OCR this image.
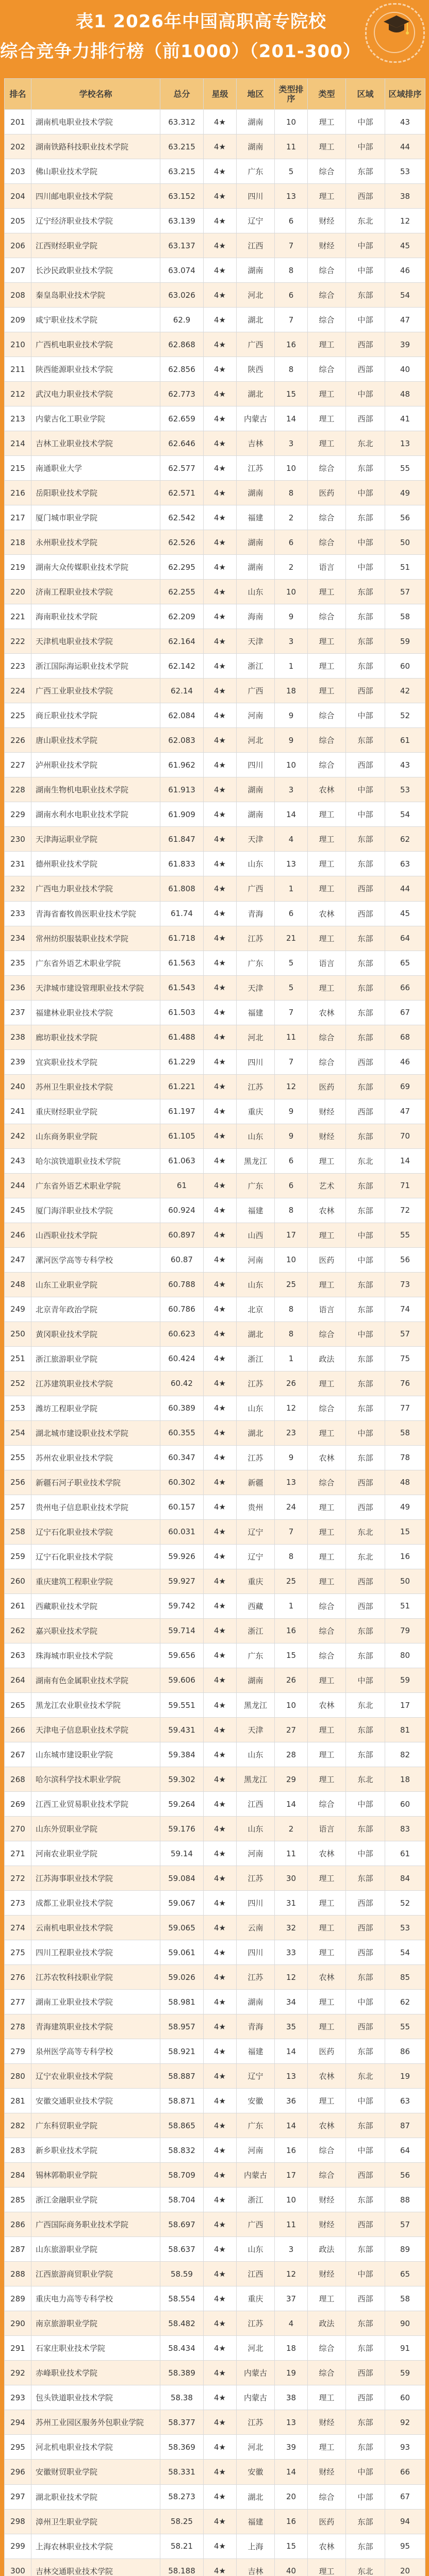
表1 2026年中国高职高专院校
综合竞争力排行榜（前1000）（201-300）
排名	学校名称	总分	星级	地区	类型排序	类型	区域	区域排序
201	湖南机电职业技术学院	63.312	4★	湖南	10	理工	中部	43
202	湖南铁路科技职业技术学院	63.215	4★	湖南	11	理工	中部	44
203	佛山职业技术学院	63.215	4★	广东	5	综合	东部	53
204	四川邮电职业技术学院	63.152	4★	四川	13	理工	西部	38
205	辽宁经济职业技术学院	63.139	4★	辽宁	6	财经	东北	12
206	江西财经职业学院	63.137	4★	江西	7	财经	中部	45
207	长沙民政职业技术学院	63.074	4★	湖南	8	综合	中部	46
208	秦皇岛职业技术学院	63.026	4★	河北	6	综合	东部	54
209	咸宁职业技术学院	62.9	4★	湖北	7	综合	中部	47
210	广西机电职业技术学院	62.868	4★	广西	16	理工	西部	39
211	陕西能源职业技术学院	62.856	4★	陕西	8	综合	西部	40
212	武汉电力职业技术学院	62.773	4★	湖北	15	理工	中部	48
213	内蒙古化工职业学院	62.659	4★	内蒙古	14	理工	西部	41
214	吉林工业职业技术学院	62.646	4★	吉林	3	理工	东北	13
215	南通职业大学	62.577	4★	江苏	10	综合	东部	55
216	岳阳职业技术学院	62.571	4★	湖南	8	医药	中部	49
217	厦门城市职业学院	62.542	4★	福建	2	综合	东部	56
218	永州职业技术学院	62.526	4★	湖南	6	综合	中部	50
219	湖南大众传媒职业技术学院	62.295	4★	湖南	2	语言	中部	51
220	济南工程职业技术学院	62.255	4★	山东	10	理工	东部	57
221	海南职业技术学院	62.209	4★	海南	9	综合	东部	58
222	天津机电职业技术学院	62.164	4★	天津	3	理工	东部	59
223	浙江国际海运职业技术学院	62.142	4★	浙江	1	理工	东部	60
224	广西工业职业技术学院	62.14	4★	广西	18	理工	西部	42
225	商丘职业技术学院	62.084	4★	河南	9	综合	中部	52
226	唐山职业技术学院	62.083	4★	河北	9	综合	东部	61
227	泸州职业技术学院	61.962	4★	四川	10	综合	西部	43
228	湖南生物机电职业技术学院	61.913	4★	湖南	3	农林	中部	53
229	湖南水利水电职业技术学院	61.909	4★	湖南	14	理工	中部	54
230	天津海运职业学院	61.847	4★	天津	4	理工	东部	62
231	德州职业技术学院	61.833	4★	山东	13	理工	东部	63
232	广西电力职业技术学院	61.808	4★	广西	1	理工	西部	44
233	青海省畜牧兽医职业技术学院	61.74	4★	青海	6	农林	西部	45
234	常州纺织服装职业技术学院	61.718	4★	江苏	21	理工	东部	64
235	广东省外语艺术职业学院	61.563	4★	广东	5	语言	东部	65
236	天津城市建设管理职业技术学院	61.543	4★	天津	5	理工	东部	66
237	福建林业职业技术学院	61.503	4★	福建	7	农林	东部	67
238	廊坊职业技术学院	61.488	4★	河北	11	综合	东部	68
239	宜宾职业技术学院	61.229	4★	四川	7	综合	西部	46
240	苏州卫生职业技术学院	61.221	4★	江苏	12	医药	东部	69
241	重庆财经职业学院	61.197	4★	重庆	9	财经	西部	47
242	山东商务职业学院	61.105	4★	山东	9	财经	东部	70
243	哈尔滨铁道职业技术学院	61.063	4★	黑龙江	6	理工	东北	14
244	广东省外语艺术职业学院	61	4★	广东	6	艺术	东部	71
245	厦门海洋职业技术学院	60.924	4★	福建	8	农林	东部	72
246	山西职业技术学院	60.897	4★	山西	17	理工	中部	55
247	漯河医学高等专科学校	60.87	4★	河南	10	医药	中部	56
248	山东工业职业学院	60.788	4★	山东	25	理工	东部	73
249	北京青年政治学院	60.786	4★	北京	8	语言	东部	74
250	黄冈职业技术学院	60.623	4★	湖北	8	综合	中部	57
251	浙江旅游职业学院	60.424	4★	浙江	1	政法	东部	75
252	江苏建筑职业技术学院	60.42	4★	江苏	26	理工	东部	76
253	潍坊工程职业学院	60.389	4★	山东	12	综合	东部	77
254	湖北城市建设职业技术学院	60.355	4★	湖北	23	理工	中部	58
255	苏州农业职业技术学院	60.347	4★	江苏	9	农林	东部	78
256	新疆石河子职业技术学院	60.302	4★	新疆	13	综合	西部	48
257	贵州电子信息职业技术学院	60.157	4★	贵州	24	理工	西部	49
258	辽宁石化职业技术学院	60.031	4★	辽宁	7	理工	东北	15
259	辽宁石化职业技术学院	59.926	4★	辽宁	8	理工	东北	16
260	重庆建筑工程职业学院	59.927	4★	重庆	25	理工	西部	50
261	西藏职业技术学院	59.742	4★	西藏	1	综合	西部	51
262	嘉兴职业技术学院	59.714	4★	浙江	16	综合	东部	79
263	珠海城市职业技术学院	59.656	4★	广东	15	综合	东部	80
264	湖南有色金属职业技术学院	59.606	4★	湖南	26	理工	中部	59
265	黑龙江农业职业技术学院	59.551	4★	黑龙江	10	农林	东北	17
266	天津电子信息职业技术学院	59.431	4★	天津	27	理工	东部	81
267	山东城市建设职业学院	59.384	4★	山东	28	理工	东部	82
268	哈尔滨科学技术职业学院	59.302	4★	黑龙江	29	理工	东北	18
269	江西工业贸易职业技术学院	59.264	4★	江西	14	综合	中部	60
270	山东外贸职业学院	59.176	4★	山东	2	语言	东部	83
271	河南农业职业学院	59.14	4★	河南	11	农林	中部	61
272	江苏海事职业技术学院	59.084	4★	江苏	30	理工	东部	84
273	成都工业职业技术学院	59.067	4★	四川	31	理工	西部	52
274	云南机电职业技术学院	59.065	4★	云南	32	理工	西部	53
275	四川工程职业技术学院	59.061	4★	四川	33	理工	西部	54
276	江苏农牧科技职业学院	59.026	4★	江苏	12	农林	东部	85
277	湖南工业职业技术学院	58.981	4★	湖南	34	理工	中部	62
278	青海建筑职业技术学院	58.957	4★	青海	35	理工	西部	55
279	泉州医学高等专科学校	58.921	4★	福建	14	医药	东部	86
280	辽宁农业职业技术学院	58.887	4★	辽宁	13	农林	东北	19
281	安徽交通职业技术学院	58.871	4★	安徽	36	理工	中部	63
282	广东科贸职业学院	58.865	4★	广东	14	农林	东部	87
283	新乡职业技术学院	58.832	4★	河南	16	综合	中部	64
284	锡林郭勒职业学院	58.709	4★	内蒙古	17	综合	西部	56
285	浙江金融职业学院	58.704	4★	浙江	10	财经	东部	88
286	广西国际商务职业技术学院	58.697	4★	广西	11	财经	西部	57
287	山东旅游职业学院	58.637	4★	山东	3	政法	东部	89
288	江西旅游商贸职业学院	58.59	4★	江西	12	财经	中部	65
289	重庆电力高等专科学校	58.554	4★	重庆	37	理工	西部	58
290	南京旅游职业学院	58.482	4★	江苏	4	政法	东部	90
291	石家庄职业技术学院	58.434	4★	河北	18	综合	东部	91
292	赤峰职业技术学院	58.389	4★	内蒙古	19	综合	西部	59
293	包头铁道职业技术学院	58.38	4★	内蒙古	38	理工	西部	60
294	苏州工业园区服务外包职业学院	58.377	4★	江苏	13	财经	东部	92
295	河北机电职业技术学院	58.369	4★	河北	39	理工	东部	93
296	安徽财贸职业学院	58.331	4★	安徽	14	财经	中部	66
297	湖北职业技术学院	58.273	4★	湖北	20	综合	中部	67
298	漳州卫生职业学院	58.25	4★	福建	16	医药	东部	94
299	上海农林职业技术学院	58.21	4★	上海	15	农林	东部	95
300	吉林交通职业技术学院	58.188	4★	吉林	40	理工	东北	20
